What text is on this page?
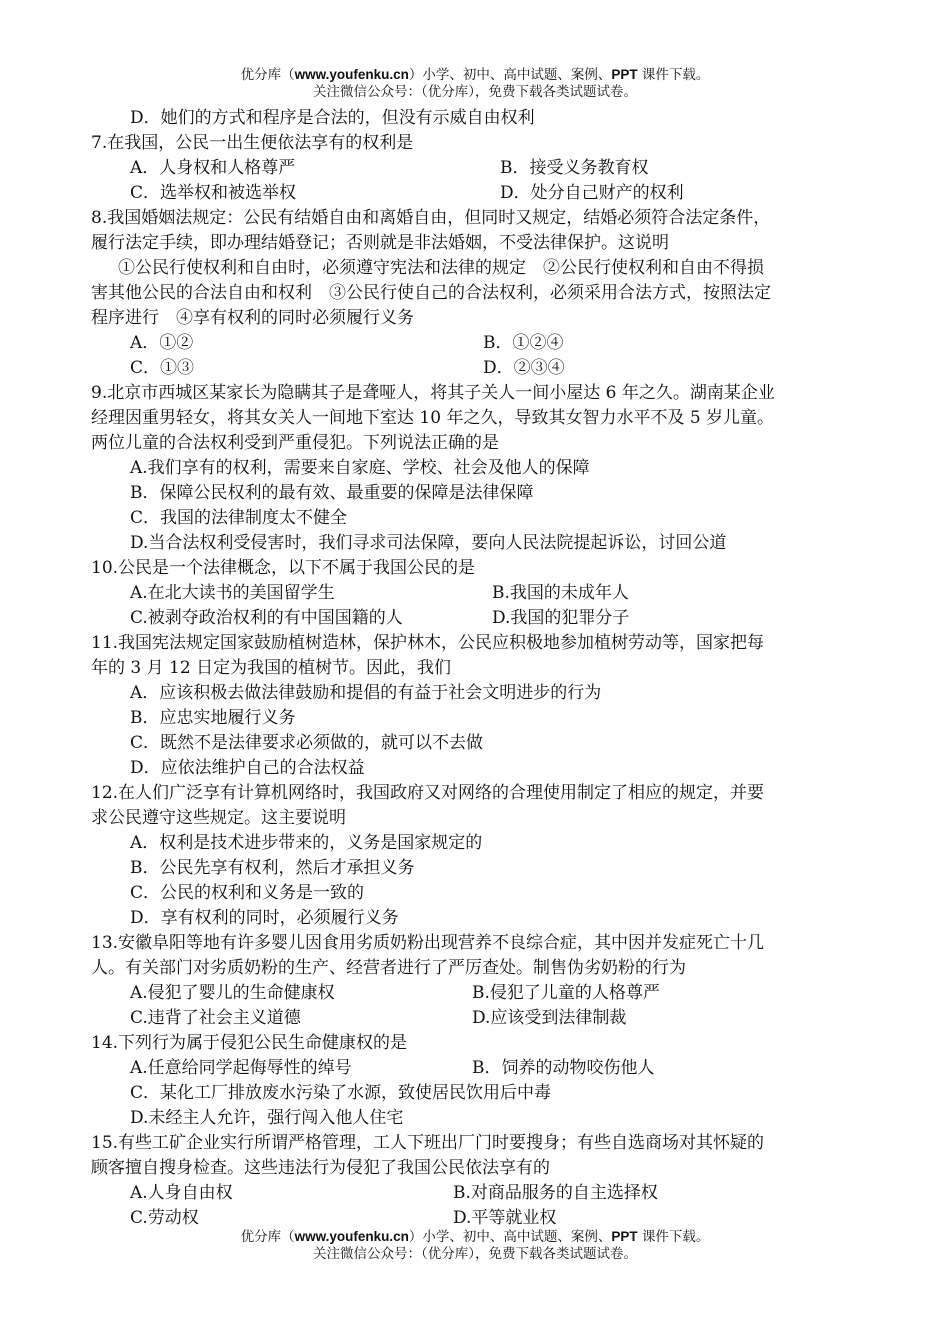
优分库（www.youfenku.cn）小学、初中、高中试题、案例、PPT 课件下载。
关注微信公众号：（优分库），免费下载各类试题试卷。
D．她们的方式和程序是合法的，但没有示威自由权利
7.在我国，公民一出生便依法享有的权利是
A．人身权和人格尊严	B．接受义务教育权
C．选举权和被选举权	D．处分自己财产的权利
8.我国婚姻法规定：公民有结婚自由和离婚自由，但同时又规定，结婚必须符合法定条件，
履行法定手续，即办理结婚登记；否则就是非法婚姻，不受法律保护。这说明
①公民行使权利和自由时，必须遵守宪法和法律的规定　②公民行使权利和自由不得损
害其他公民的合法自由和权利　③公民行使自己的合法权利，必须采用合法方式，按照法定
程序进行　④享有权利的同时必须履行义务
A．①②	B．①②④
C．①③	D．②③④
9.北京市西城区某家长为隐瞒其子是聋哑人，将其子关人一间小屋达 6 年之久。湖南某企业
经理因重男轻女，将其女关人一间地下室达 10 年之久，导致其女智力水平不及 5 岁儿童。
两位儿童的合法权利受到严重侵犯。下列说法正确的是
A.我们享有的权利，需要来自家庭、学校、社会及他人的保障
B．保障公民权利的最有效、最重要的保障是法律保障
C．我国的法律制度太不健全
D.当合法权利受侵害时，我们寻求司法保障，要向人民法院提起诉讼，讨回公道
10.公民是一个法律概念，以下不属于我国公民的是
A.在北大读书的美国留学生	B.我国的未成年人
C.被剥夺政治权利的有中国国籍的人	D.我国的犯罪分子
11.我国宪法规定国家鼓励植树造林，保护林木，公民应积极地参加植树劳动等，国家把每
年的 3 月 12 日定为我国的植树节。因此，我们
A．应该积极去做法律鼓励和提倡的有益于社会文明进步的行为
B．应忠实地履行义务
C．既然不是法律要求必须做的，就可以不去做
D．应依法维护自己的合法权益
12.在人们广泛享有计算机网络时，我国政府又对网络的合理使用制定了相应的规定，并要
求公民遵守这些规定。这主要说明
A．权利是技术进步带来的，义务是国家规定的
B．公民先享有权利，然后才承担义务
C．公民的权利和义务是一致的
D．享有权利的同时，必须履行义务
13.安徽阜阳等地有许多婴儿因食用劣质奶粉出现营养不良综合症，其中因并发症死亡十几
人。有关部门对劣质奶粉的生产、经营者进行了严厉查处。制售伪劣奶粉的行为
A.侵犯了婴儿的生命健康权	B.侵犯了儿童的人格尊严
C.违背了社会主义道德	D.应该受到法律制裁
14.下列行为属于侵犯公民生命健康权的是
A.任意给同学起侮辱性的绰号	B．饲养的动物咬伤他人
C．某化工厂排放废水污染了水源，致使居民饮用后中毒
D.未经主人允许，强行闯入他人住宅
15.有些工矿企业实行所谓严格管理，工人下班出厂门时要搜身；有些自选商场对其怀疑的
顾客擅自搜身检查。这些违法行为侵犯了我国公民依法享有的
A.人身自由权	B.对商品服务的自主选择权
C.劳动权	D.平等就业权
优分库（www.youfenku.cn）小学、初中、高中试题、案例、PPT 课件下载。
关注微信公众号：（优分库），免费下载各类试题试卷。
